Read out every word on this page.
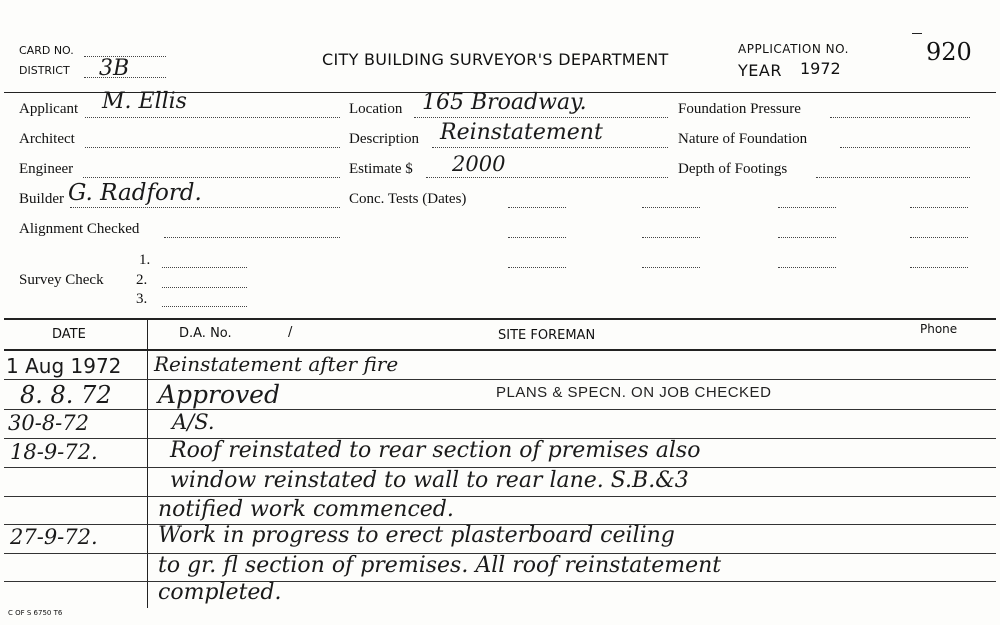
CARD NO.
DISTRICT 3B	CITY BUILDING SURVEYOR'S DEPARTMENT
APPLICATION NO.
YEAR 1972
920
Applicant M. Ellis
Architect
Engineer
Builder G. Radford.
Alignment Checked
1.
Survey Check 2.
3.
Location 165 Broadway.
Description Reinstatement
Estimate $ 2000
Conc. Tests (Dates)
Foundation Pressure
Nature of Foundation
Depth of Footings
DATE	D.A. No.	/	SITE FOREMAN	Phone
1 Aug 1972 Reinstatement after fire
8. 8. 72 Approved	PLANS & SPECN. ON JOB CHECKED
30-8-72	A/S.
18-9-72.	Roof reinstated to rear section of premises also
window reinstated to wall to rear lane. S.B.&3
notified work commenced.
27-9-72.	Work in progress to erect plasterboard ceiling
to gr. fl section of premises. All roof reinstatement
completed.
C OF S 6750 T6
